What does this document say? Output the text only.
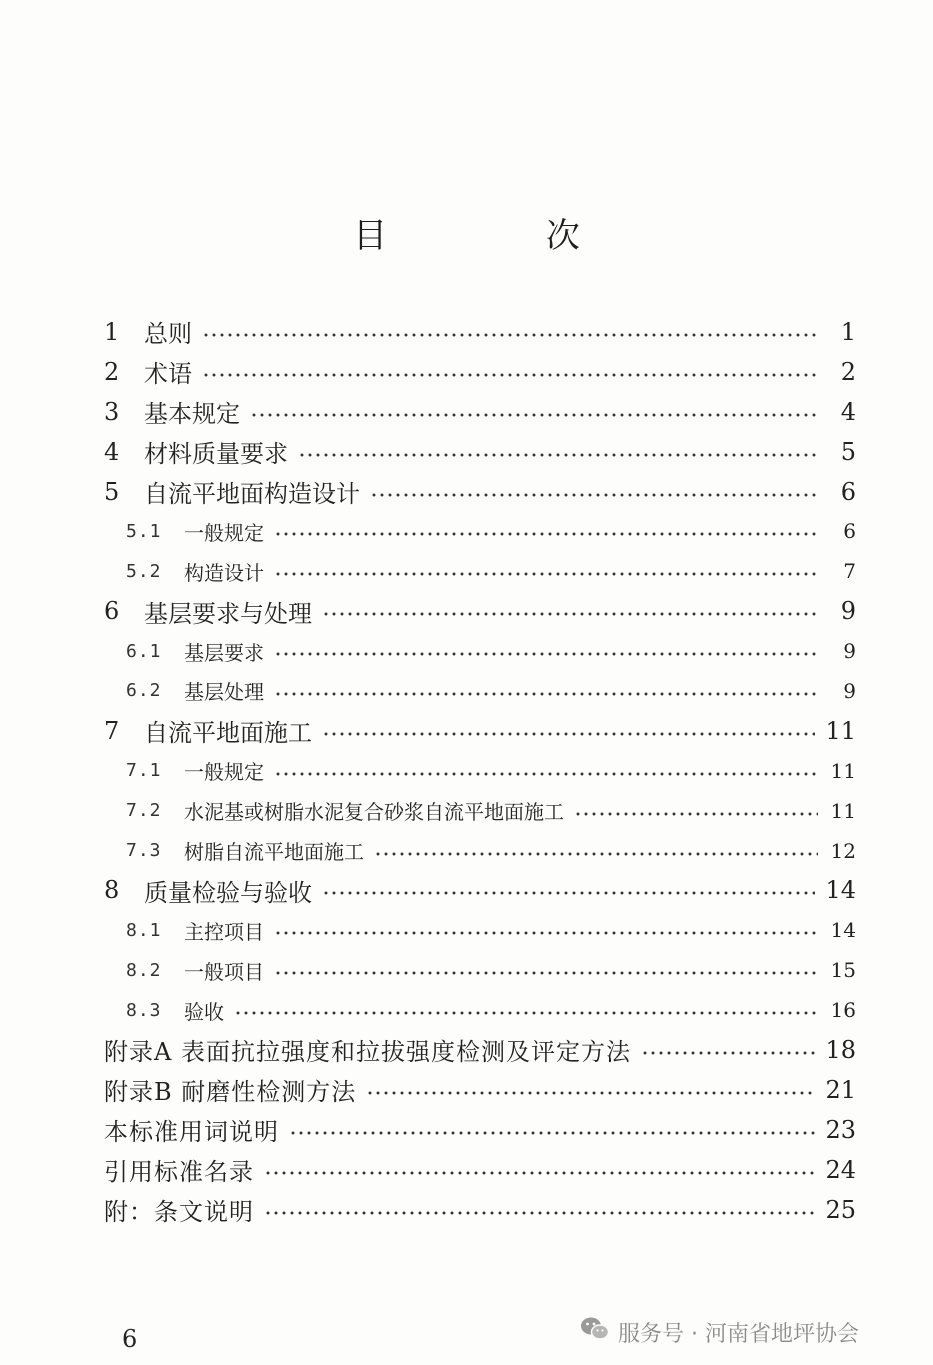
目 次
1	总则	1
2	术语	2
3	基本规定	4
4	材料质量要求	5
5	自流平地面构造设计	6
5.1	一般规定	6
5.2	构造设计	7
6	基层要求与处理	9
6.1	基层要求	9
6.2	基层处理	9
7	自流平地面施工	11
7.1	一般规定	11
7.2	水泥基或树脂水泥复合砂浆自流平地面施工	11
7.3	树脂自流平地面施工	12
8	质量检验与验收	14
8.1	主控项目	14
8.2	一般项目	15
8.3	验收	16
附录A 表面抗拉强度和拉拔强度检测及评定方法	18
附录B 耐磨性检测方法	21
本标准用词说明	23
引用标准名录	24
附：条文说明	25
6	服务号 · 河南省地坪协会
